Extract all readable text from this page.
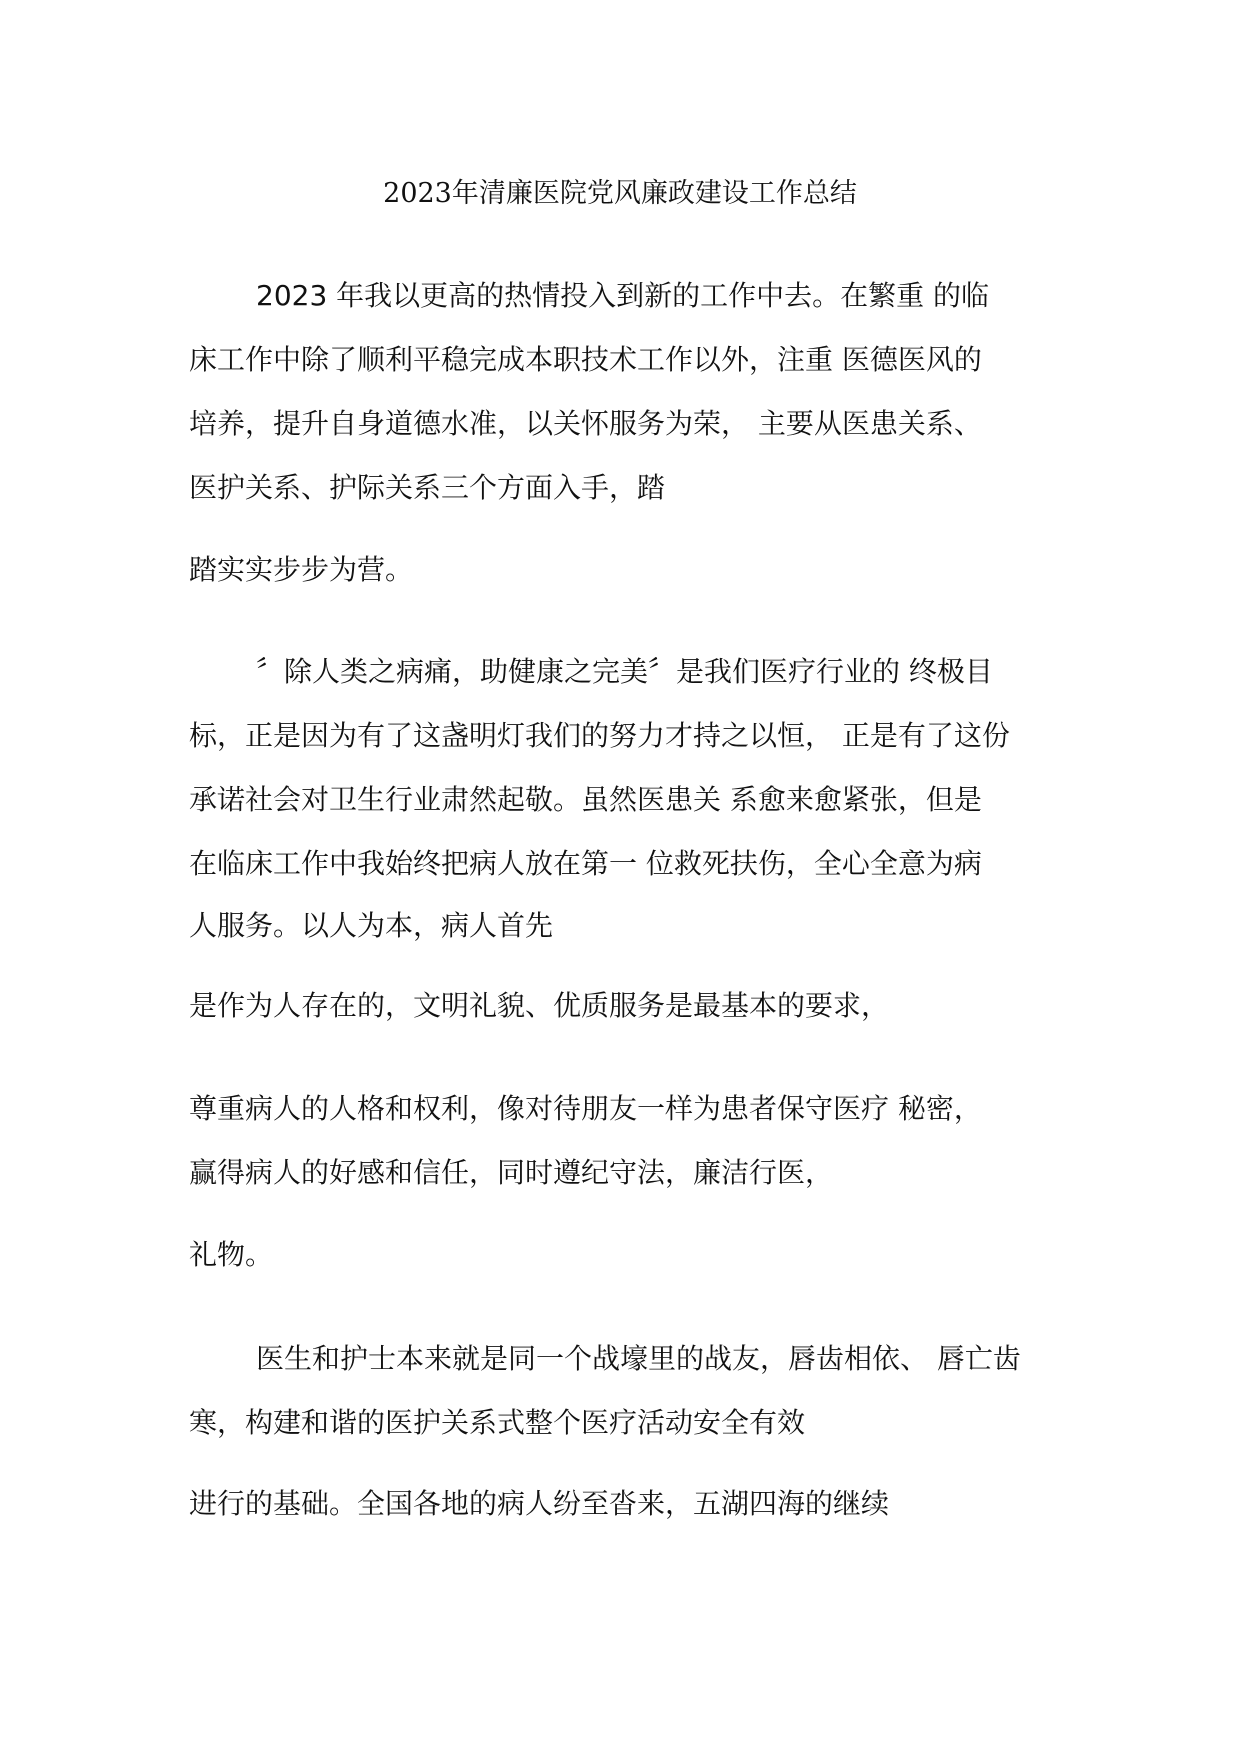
2023年清廉医院党风廉政建设工作总结
2023 年我以更高的热情投入到新的工作中去。在繁重 的临
床工作中除了顺利平稳完成本职技术工作以外，注重 医德医风的
培养，提升自身道德水准，以关怀服务为荣， 主要从医患关系、
医护关系、护际关系三个方面入手，踏
踏实实步步为营。
〞除人类之病痛，助健康之完美〞是我们医疗行业的 终极目
标，正是因为有了这盏明灯我们的努力才持之以恒， 正是有了这份
承诺社会对卫生行业肃然起敬。虽然医患关 系愈来愈紧张，但是
在临床工作中我始终把病人放在第一 位救死扶伤，全心全意为病
人服务。以人为本，病人首先
是作为人存在的，文明礼貌、优质服务是最基本的要求，
尊重病人的人格和权利，像对待朋友一样为患者保守医疗 秘密，
赢得病人的好感和信任，同时遵纪守法，廉洁行医，
礼物。
医生和护士本来就是同一个战壕里的战友，唇齿相依、 唇亡齿
寒，构建和谐的医护关系式整个医疗活动安全有效
进行的基础。全国各地的病人纷至沓来，五湖四海的继续
